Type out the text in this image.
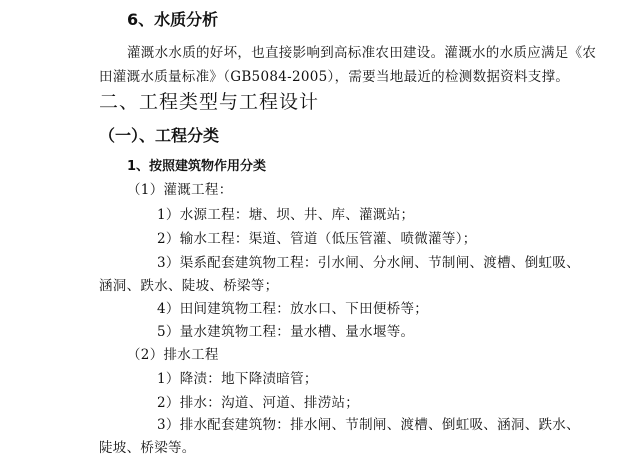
6、水质分析
灌溉水水质的好坏，也直接影响到高标准农田建设。灌溉水的水质应满足《农
田灌溉水质量标准》（GB5084-2005），需要当地最近的检测数据资料支撑。
二、工程类型与工程设计
（一）、工程分类
1、按照建筑物作用分类
（1）灌溉工程：
1）水源工程：塘、坝、井、库、灌溉站；
2）输水工程：渠道、管道（低压管灌、喷微灌等）；
3）渠系配套建筑物工程：引水闸、分水闸、节制闸、渡槽、倒虹吸、
涵洞、跌水、陡坡、桥梁等；
4）田间建筑物工程：放水口、下田便桥等；
5）量水建筑物工程：量水槽、量水堰等。
（2）排水工程
1）降渍：地下降渍暗管；
2）排水：沟道、河道、排涝站；
3）排水配套建筑物：排水闸、节制闸、渡槽、倒虹吸、涵洞、跌水、
陡坡、桥梁等。
